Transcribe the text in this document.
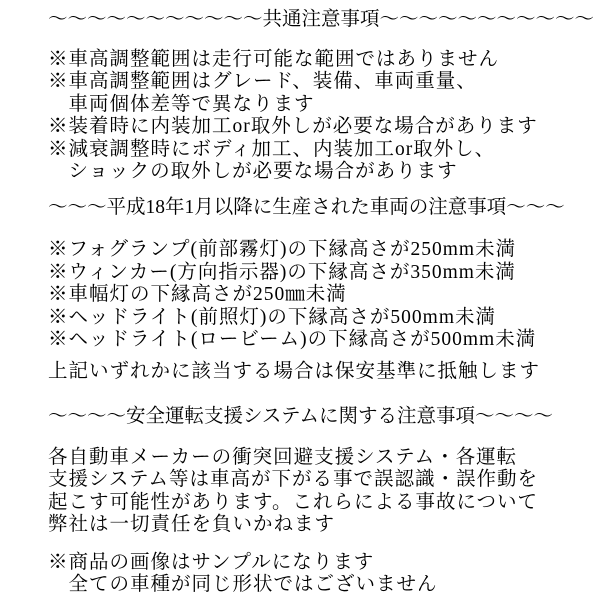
～～～～～～～～～～～共通注意事項～～～～～～～～～～～
※車高調整範囲は走行可能な範囲ではありません
※車高調整範囲はグレード、装備、車両重量、
　車両個体差等で異なります
※装着時に内装加工or取外しが必要な場合があります
※減衰調整時にボディ加工、内装加工or取外し、
　ショックの取外しが必要な場合があります
～～～平成18年1月以降に生産された車両の注意事項～～～
※フォグランプ(前部霧灯)の下縁高さが250mm未満
※ウィンカー(方向指示器)の下縁高さが350mm未満
※車幅灯の下縁高さが250㎜未満
※ヘッドライト(前照灯)の下縁高さが500mm未満
※ヘッドライト(ロービーム)の下縁高さが500mm未満
上記いずれかに該当する場合は保安基準に抵触します
～～～～安全運転支援システムに関する注意事項～～～～
各自動車メーカーの衝突回避支援システム・各運転
支援システム等は車高が下がる事で誤認識・誤作動を
起こす可能性があります。これらによる事故について
弊社は一切責任を負いかねます
※商品の画像はサンプルになります
　全ての車種が同じ形状ではございません
